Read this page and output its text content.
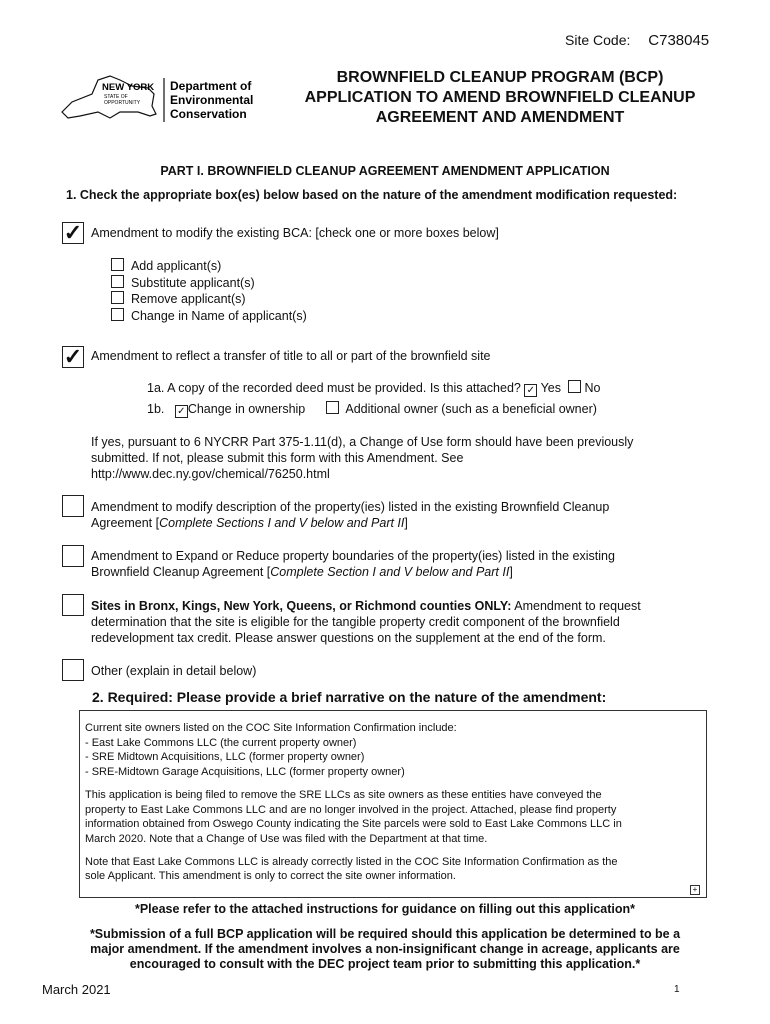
Site Code: C738045
NEW YORK
STATE OF
OPPORTUNITY
Department of
Environmental
Conservation
BROWNFIELD CLEANUP PROGRAM (BCP)
APPLICATION TO AMEND BROWNFIELD CLEANUP
AGREEMENT AND AMENDMENT
PART I. BROWNFIELD CLEANUP AGREEMENT AMENDMENT APPLICATION
1. Check the appropriate box(es) below based on the nature of the amendment modification requested:
✓ Amendment to modify the existing BCA: [check one or more boxes below]
Add applicant(s)
Substitute applicant(s)
Remove applicant(s)
Change in Name of applicant(s)
✓ Amendment to reflect a transfer of title to all or part of the brownfield site
1a. A copy of the recorded deed must be provided. Is this attached? ✓ Yes No
1b. ✓ Change in ownership	Additional owner (such as a beneficial owner)
If yes, pursuant to 6 NYCRR Part 375-1.11(d), a Change of Use form should have been previously
submitted. If not, please submit this form with this Amendment. See
http://www.dec.ny.gov/chemical/76250.html
Amendment to modify description of the property(ies) listed in the existing Brownfield Cleanup
Agreement [Complete Sections I and V below and Part II]
Amendment to Expand or Reduce property boundaries of the property(ies) listed in the existing
Brownfield Cleanup Agreement [Complete Section I and V below and Part II]
Sites in Bronx, Kings, New York, Queens, or Richmond counties ONLY: Amendment to request
determination that the site is eligible for the tangible property credit component of the brownfield
redevelopment tax credit. Please answer questions on the supplement at the end of the form.
Other (explain in detail below)
2. Required: Please provide a brief narrative on the nature of the amendment:

Current site owners listed on the COC Site Information Confirmation include:
- East Lake Commons LLC (the current property owner)
- SRE Midtown Acquisitions, LLC (former property owner)
- SRE-Midtown Garage Acquisitions, LLC (former property owner)

This application is being filed to remove the SRE LLCs as site owners as these entities have conveyed the
property to East Lake Commons LLC and are no longer involved in the project. Attached, please find property
information obtained from Oswego County indicating the Site parcels were sold to East Lake Commons LLC in
March 2020. Note that a Change of Use was filed with the Department at that time.

Note that East Lake Commons LLC is already correctly listed in the COC Site Information Confirmation as the
sole Applicant. This amendment is only to correct the site owner information.

+
*Please refer to the attached instructions for guidance on filling out this application*
*Submission of a full BCP application will be required should this application be determined to be a
major amendment. If the amendment involves a non-insignificant change in acreage, applicants are
encouraged to consult with the DEC project team prior to submitting this application.*
March 2021	1
